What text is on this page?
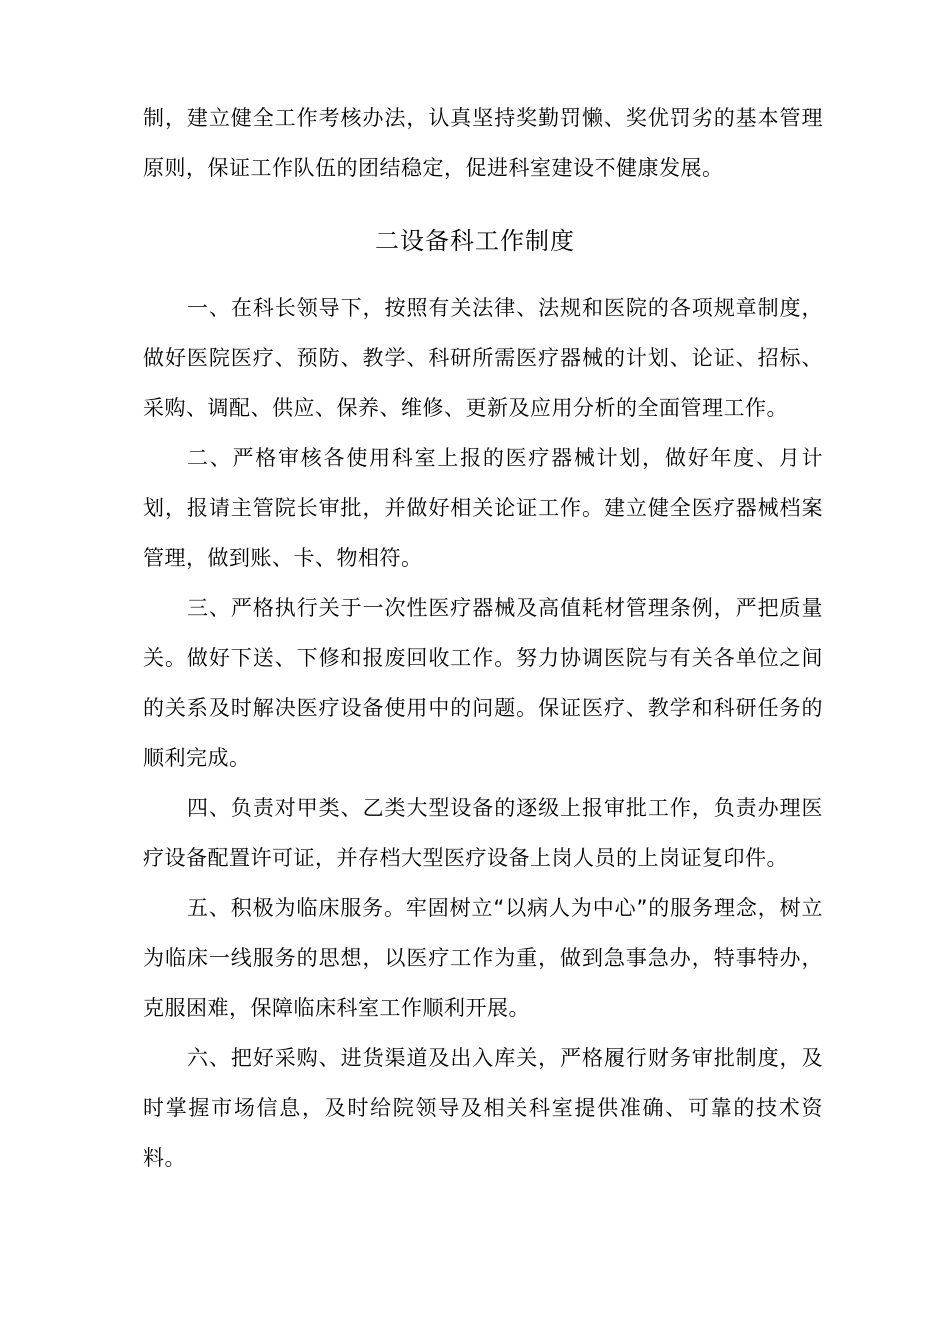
制，建立健全工作考核办法，认真坚持奖勤罚懒、奖优罚劣的基本管理原则，保证工作队伍的团结稳定，促进科室建设不健康发展。
二设备科工作制度

一、在科长领导下，按照有关法律、法规和医院的各项规章制度，做好医院医疗、预防、教学、科研所需医疗器械的计划、论证、招标、采购、调配、供应、保养、维修、更新及应用分析的全面管理工作。

二、严格审核各使用科室上报的医疗器械计划，做好年度、月计划，报请主管院长审批，并做好相关论证工作。建立健全医疗器械档案管理，做到账、卡、物相符。

三、严格执行关于一次性医疗器械及高值耗材管理条例，严把质量关。做好下送、下修和报废回收工作。努力协调医院与有关各单位之间的关系及时解决医疗设备使用中的问题。保证医疗、教学和科研任务的顺利完成。

四、负责对甲类、乙类大型设备的逐级上报审批工作，负责办理医疗设备配置许可证，并存档大型医疗设备上岗人员的上岗证复印件。

五、积极为临床服务。牢固树立“以病人为中心”的服务理念，树立为临床一线服务的思想，以医疗工作为重，做到急事急办，特事特办，克服困难，保障临床科室工作顺利开展。

六、把好采购、进货渠道及出入库关，严格履行财务审批制度，及时掌握市场信息，及时给院领导及相关科室提供准确、可靠的技术资料。
